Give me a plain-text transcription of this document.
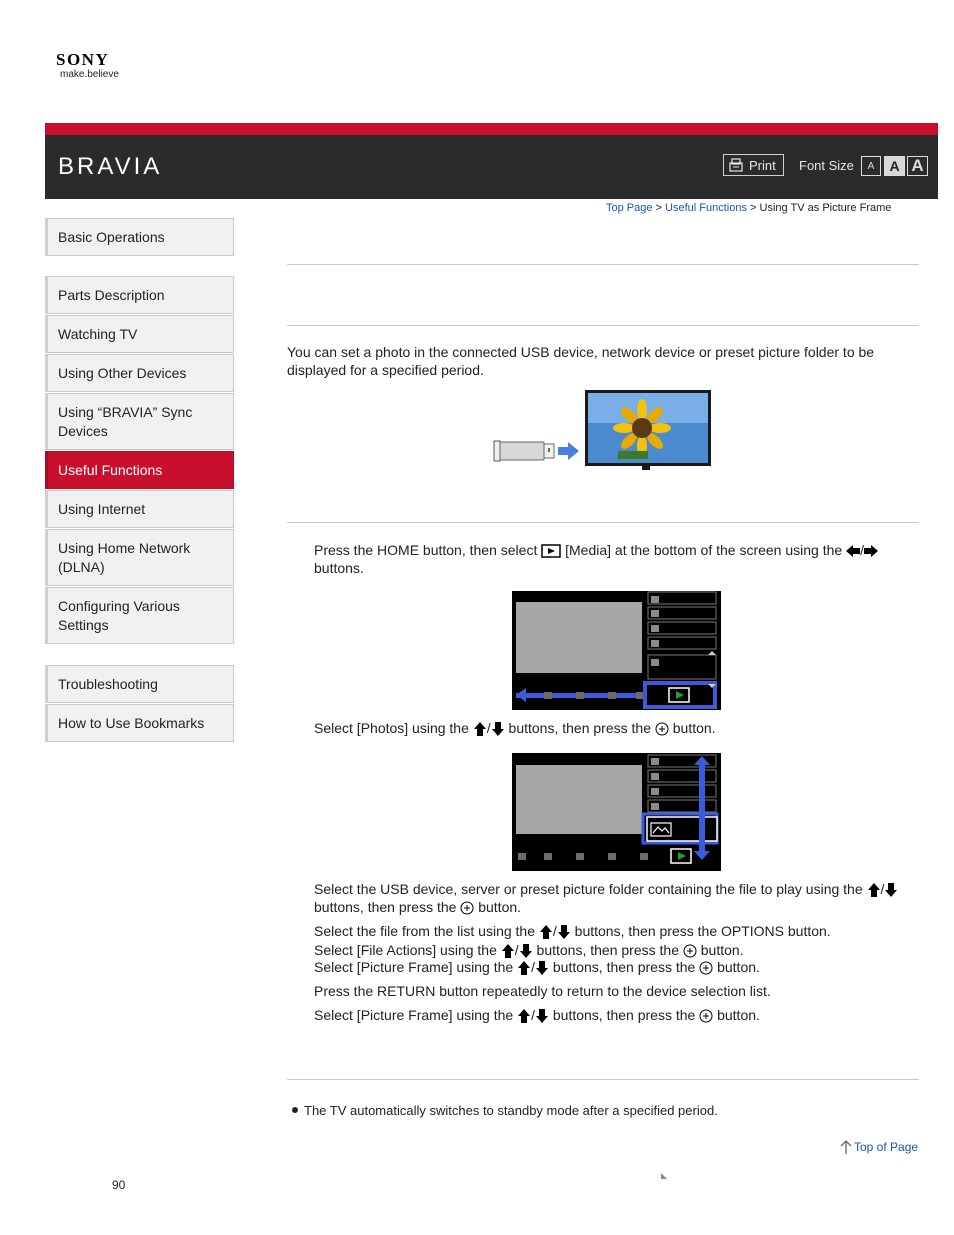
SONY
make.believe
BRAVIA	Print Font Size	A	A A
Top Page > Useful Functions > Using TV as Picture Frame
Basic Operations
Parts Description
Watching TV
Using Other Devices
Using “BRAVIA” Sync Devices
Useful Functions
Using Internet
Using Home Network (DLNA)
Configuring Various Settings
Troubleshooting
How to Use Bookmarks
You can set a photo in the connected USB device, network device or preset picture folder to be displayed for a specified period.
Press the HOME button, then select [Media] at the bottom of the screen using the / buttons.
Select [Photos] using the / buttons, then press the button.
Select the USB device, server or preset picture folder containing the file to play using the / buttons, then press the button.
Select the file from the list using the / buttons, then press the OPTIONS button.
Select [File Actions] using the / buttons, then press the button.
Select [Picture Frame] using the / buttons, then press the button.
Press the RETURN button repeatedly to return to the device selection list.
Select [Picture Frame] using the / buttons, then press the button.
The TV automatically switches to standby mode after a specified period.
Top of Page
90
